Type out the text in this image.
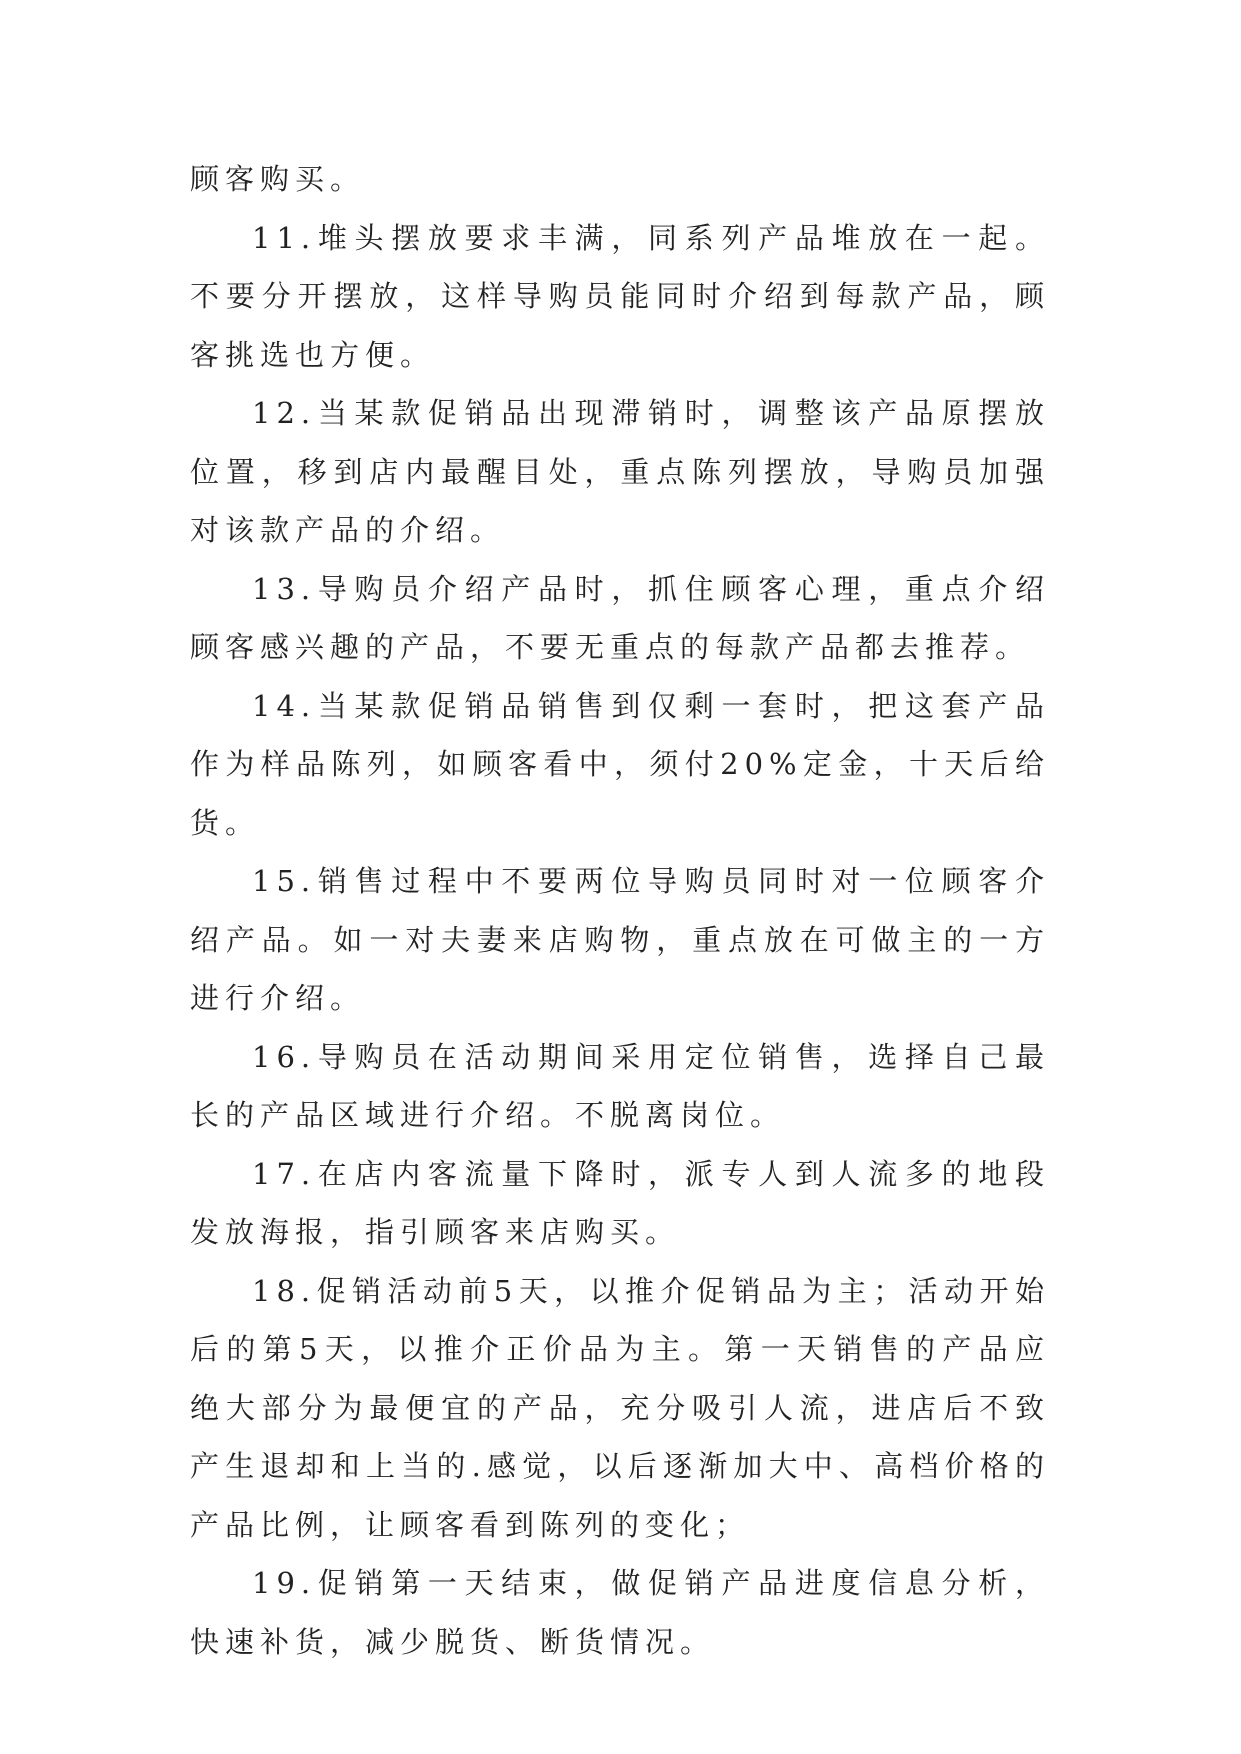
顾客购买。

11.堆头摆放要求丰满，同系列产品堆放在一起。不要分开摆放，这样导购员能同时介绍到每款产品，顾客挑选也方便。

12.当某款促销品出现滞销时，调整该产品原摆放位置，移到店内最醒目处，重点陈列摆放，导购员加强对该款产品的介绍。

13.导购员介绍产品时，抓住顾客心理，重点介绍顾客感兴趣的产品，不要无重点的每款产品都去推荐。

14.当某款促销品销售到仅剩一套时，把这套产品作为样品陈列，如顾客看中，须付20%定金，十天后给货。

15.销售过程中不要两位导购员同时对一位顾客介绍产品。如一对夫妻来店购物，重点放在可做主的一方进行介绍。

16.导购员在活动期间采用定位销售，选择自己最长的产品区域进行介绍。不脱离岗位。

17.在店内客流量下降时，派专人到人流多的地段发放海报，指引顾客来店购买。

18.促销活动前5天，以推介促销品为主；活动开始后的第5天，以推介正价品为主。第一天销售的产品应绝大部分为最便宜的产品，充分吸引人流，进店后不致产生退却和上当的.感觉，以后逐渐加大中、高档价格的产品比例，让顾客看到陈列的变化；

19.促销第一天结束，做促销产品进度信息分析，快速补货，减少脱货、断货情况。
